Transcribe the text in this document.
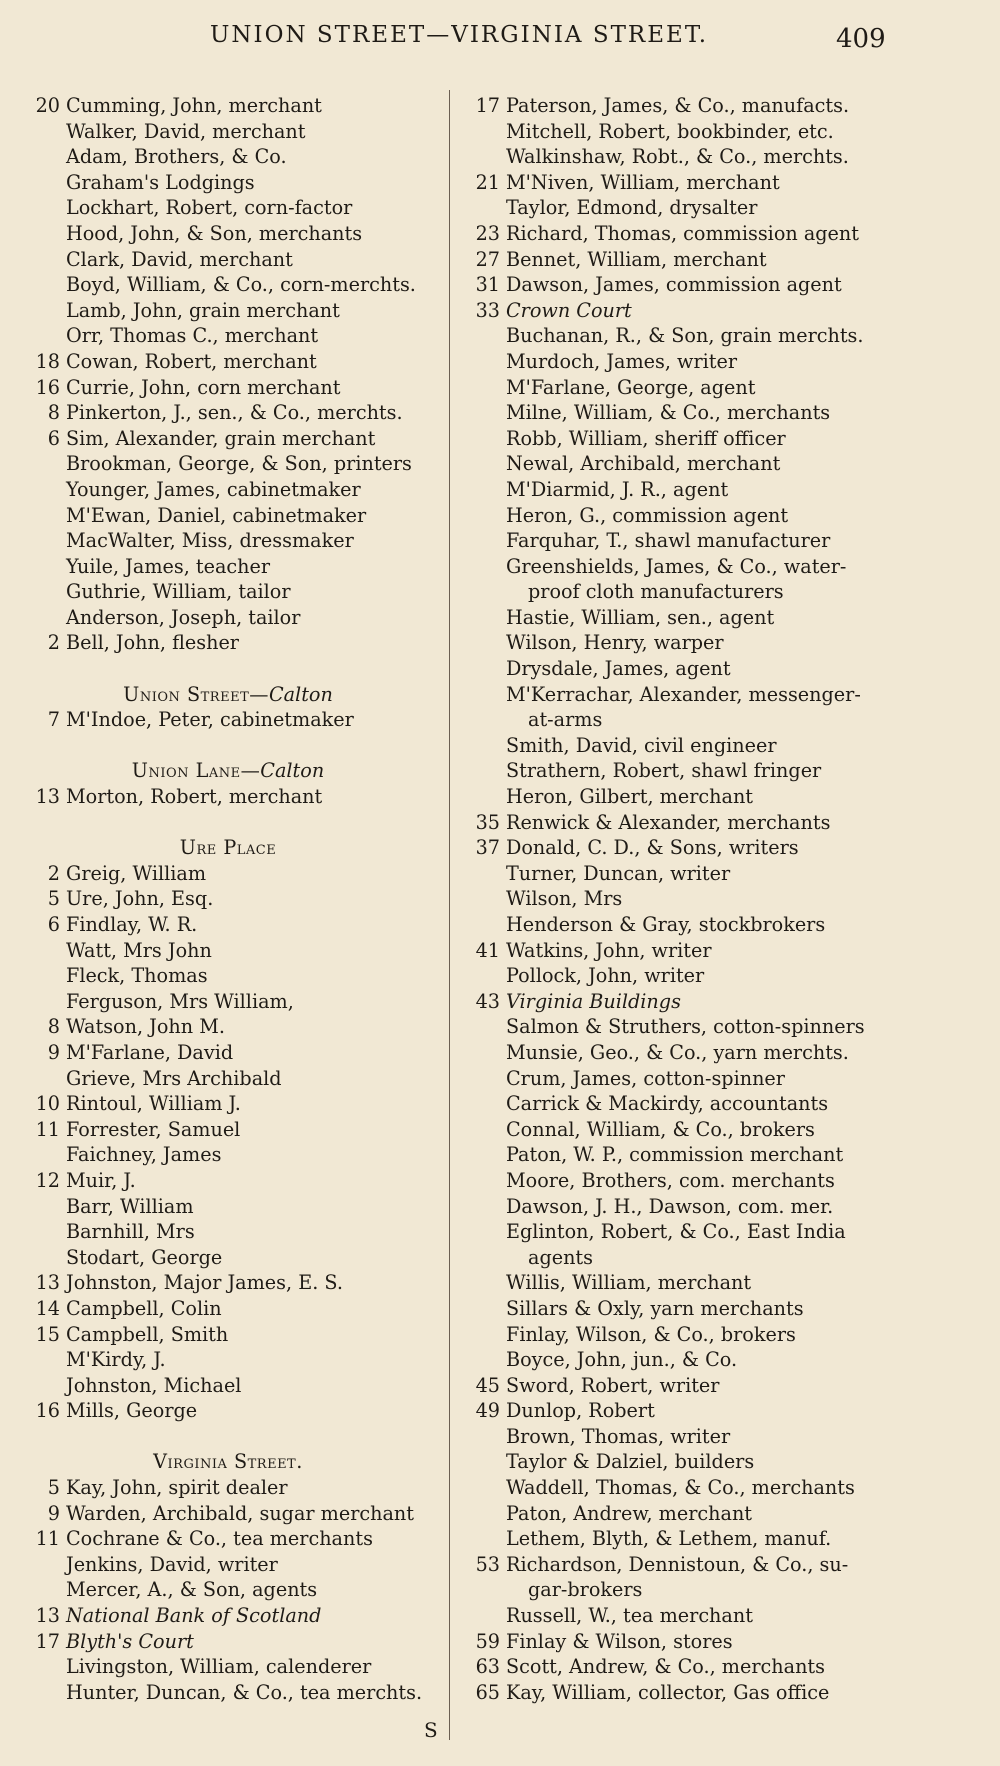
UNION STREET—VIRGINIA STREET.	409
20 Cumming, John, merchant
Walker, David, merchant
Adam, Brothers, & Co.
Graham's Lodgings
Lockhart, Robert, corn-factor
Hood, John, & Son, merchants
Clark, David, merchant
Boyd, William, & Co., corn-merchts.
Lamb, John, grain merchant
Orr, Thomas C., merchant
18 Cowan, Robert, merchant
16 Currie, John, corn merchant
8 Pinkerton, J., sen., & Co., merchts.
6 Sim, Alexander, grain merchant
Brookman, George, & Son, printers
Younger, James, cabinetmaker
M'Ewan, Daniel, cabinetmaker
MacWalter, Miss, dressmaker
Yuile, James, teacher
Guthrie, William, tailor
Anderson, Joseph, tailor
2 Bell, John, flesher
Union Street—Calton
7 M'Indoe, Peter, cabinetmaker
Union Lane—Calton
13 Morton, Robert, merchant
Ure Place
2 Greig, William
5 Ure, John, Esq.
6 Findlay, W. R.
Watt, Mrs John
Fleck, Thomas
Ferguson, Mrs William,
8 Watson, John M.
9 M'Farlane, David
Grieve, Mrs Archibald
10 Rintoul, William J.
11 Forrester, Samuel
Faichney, James
12 Muir, J.
Barr, William
Barnhill, Mrs
Stodart, George
13 Johnston, Major James, E. S.
14 Campbell, Colin
15 Campbell, Smith
M'Kirdy, J.
Johnston, Michael
16 Mills, George
Virginia Street.
5 Kay, John, spirit dealer
9 Warden, Archibald, sugar merchant
11 Cochrane & Co., tea merchants
Jenkins, David, writer
Mercer, A., & Son, agents
13 National Bank of Scotland
17 Blyth's Court
Livingston, William, calenderer
Hunter, Duncan, & Co., tea merchts.
17 Paterson, James, & Co., manufacts.
Mitchell, Robert, bookbinder, etc.
Walkinshaw, Robt., & Co., merchts.
21 M'Niven, William, merchant
Taylor, Edmond, drysalter
23 Richard, Thomas, commission agent
27 Bennet, William, merchant
31 Dawson, James, commission agent
33 Crown Court
Buchanan, R., & Son, grain merchts.
Murdoch, James, writer
M'Farlane, George, agent
Milne, William, & Co., merchants
Robb, William, sheriff officer
Newal, Archibald, merchant
M'Diarmid, J. R., agent
Heron, G., commission agent
Farquhar, T., shawl manufacturer
Greenshields, James, & Co., water-
proof cloth manufacturers
Hastie, William, sen., agent
Wilson, Henry, warper
Drysdale, James, agent
M'Kerrachar, Alexander, messenger-
at-arms
Smith, David, civil engineer
Strathern, Robert, shawl fringer
Heron, Gilbert, merchant
35 Renwick & Alexander, merchants
37 Donald, C. D., & Sons, writers
Turner, Duncan, writer
Wilson, Mrs
Henderson & Gray, stockbrokers
41 Watkins, John, writer
Pollock, John, writer
43 Virginia Buildings
Salmon & Struthers, cotton-spinners
Munsie, Geo., & Co., yarn merchts.
Crum, James, cotton-spinner
Carrick & Mackirdy, accountants
Connal, William, & Co., brokers
Paton, W. P., commission merchant
Moore, Brothers, com. merchants
Dawson, J. H., Dawson, com. mer.
Eglinton, Robert, & Co., East India
agents
Willis, William, merchant
Sillars & Oxly, yarn merchants
Finlay, Wilson, & Co., brokers
Boyce, John, jun., & Co.
45 Sword, Robert, writer
49 Dunlop, Robert
Brown, Thomas, writer
Taylor & Dalziel, builders
Waddell, Thomas, & Co., merchants
Paton, Andrew, merchant
Lethem, Blyth, & Lethem, manuf.
53 Richardson, Dennistoun, & Co., su-
gar-brokers
Russell, W., tea merchant
59 Finlay & Wilson, stores
63 Scott, Andrew, & Co., merchants
65 Kay, William, collector, Gas office
S
